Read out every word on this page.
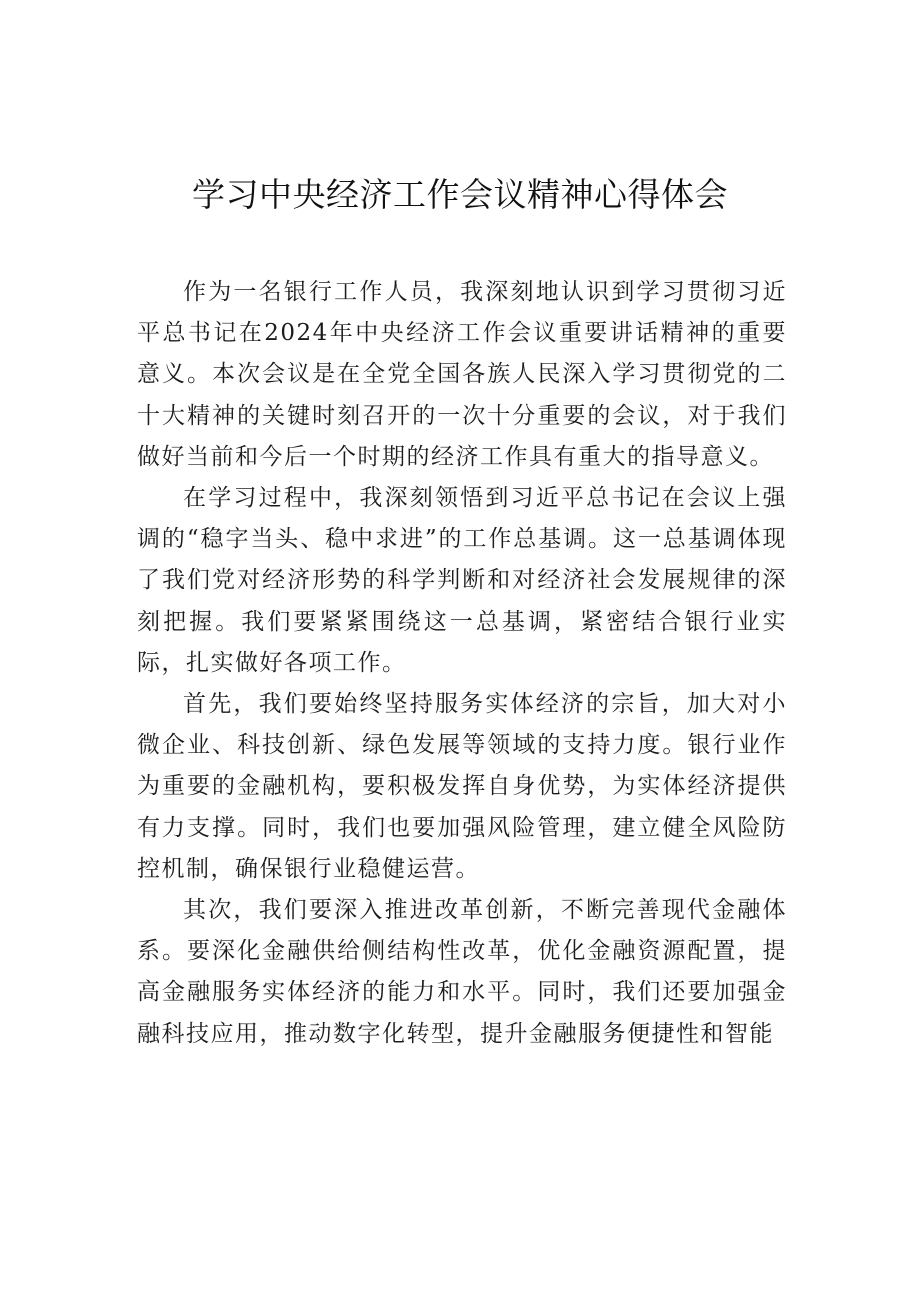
学习中央经济工作会议精神心得体会

作为一名银行工作人员，我深刻地认识到学习贯彻习近平总书记在2024年中央经济工作会议重要讲话精神的重要意义。本次会议是在全党全国各族人民深入学习贯彻党的二十大精神的关键时刻召开的一次十分重要的会议，对于我们做好当前和今后一个时期的经济工作具有重大的指导意义。

在学习过程中，我深刻领悟到习近平总书记在会议上强调的“稳字当头、稳中求进”的工作总基调。这一总基调体现了我们党对经济形势的科学判断和对经济社会发展规律的深刻把握。我们要紧紧围绕这一总基调，紧密结合银行业实际，扎实做好各项工作。

首先，我们要始终坚持服务实体经济的宗旨，加大对小微企业、科技创新、绿色发展等领域的支持力度。银行业作为重要的金融机构，要积极发挥自身优势，为实体经济提供有力支撑。同时，我们也要加强风险管理，建立健全风险防控机制，确保银行业稳健运营。

其次，我们要深入推进改革创新，不断完善现代金融体系。要深化金融供给侧结构性改革，优化金融资源配置，提高金融服务实体经济的能力和水平。同时，我们还要加强金融科技应用，推动数字化转型，提升金融服务便捷性和智能
